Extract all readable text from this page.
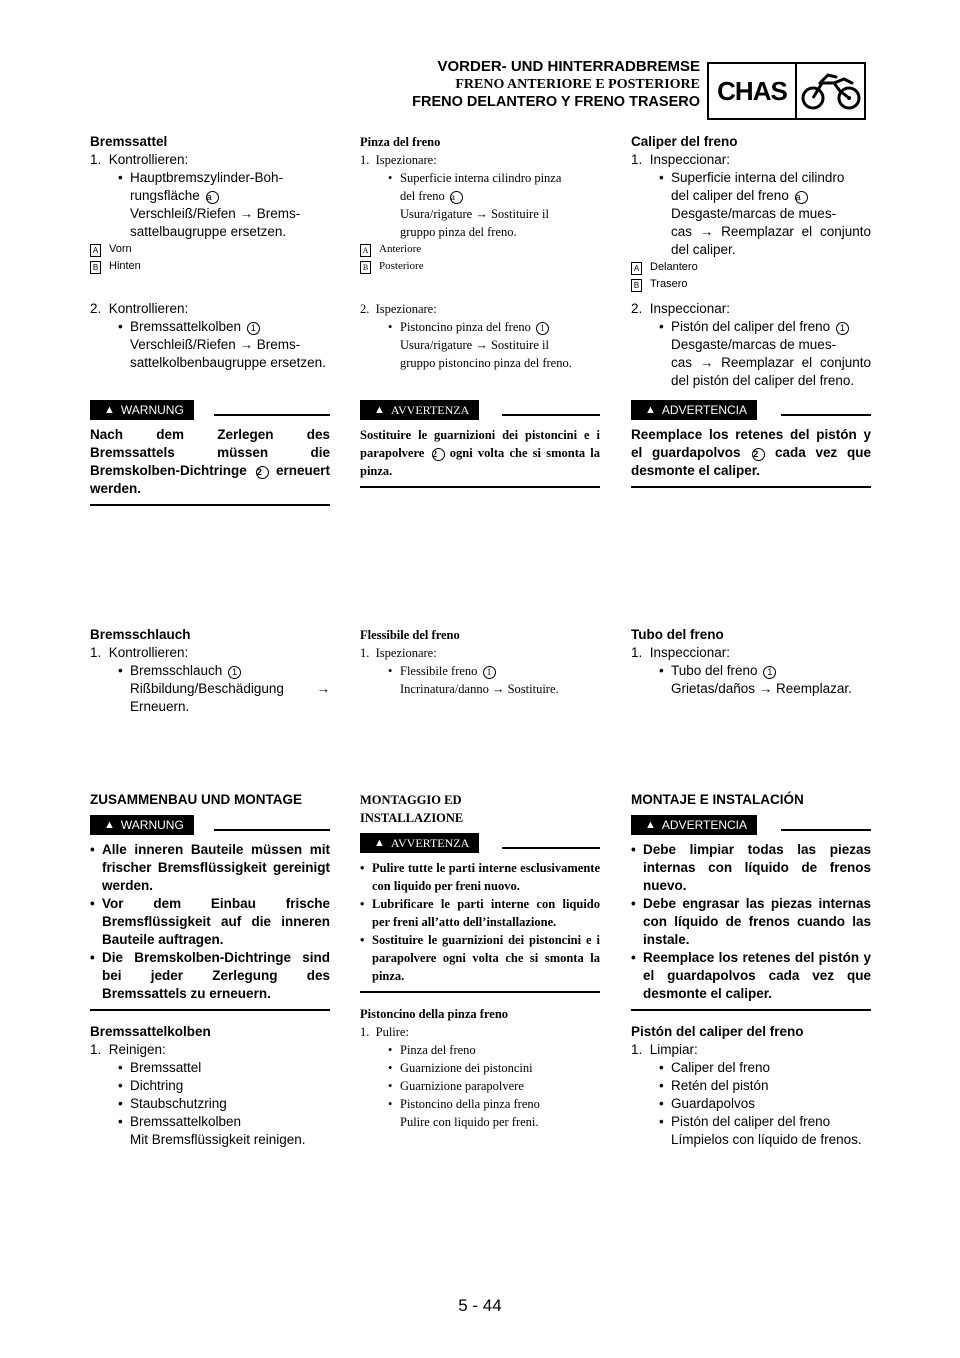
VORDER- UND HINTERRADBREMSE
FRENO ANTERIORE E POSTERIORE
FRENO DELANTERO Y FRENO TRASERO CHAS
Bremssattel
1.  Kontrollieren:
• Hauptbremszylinder-Boh-
rungsfläche a
Verschleiß/Riefen → Brems-
sattelbaugruppe ersetzen.
A Vorn
B Hinten
2.  Kontrollieren:
• Bremssattelkolben 1
Verschleiß/Riefen → Brems-
sattelkolbenbaugruppe ersetzen.
▲ WARNUNG
Nach dem Zerlegen des Bremssattels müssen die Bremskolben-Dichtringe 2 erneuert werden.
Bremsschlauch
1.  Kontrollieren:
• Bremsschlauch 1
Rißbildung/Beschädigung → Erneuern.
ZUSAMMENBAU UND MONTAGE
▲ WARNUNG
• Alle inneren Bauteile müssen mit frischer Bremsflüssigkeit gereinigt werden.
• Vor dem Einbau frische Bremsflüssigkeit auf die inneren Bauteile auftragen.
• Die Bremskolben-Dichtringe sind bei jeder Zerlegung des Bremssattels zu erneuern.
Bremssattelkolben
1.  Reinigen:
• Bremssattel
• Dichtring
• Staubschutzring
• Bremssattelkolben
Mit Bremsflüssigkeit reinigen.
Pinza del freno
1.  Ispezionare:
• Superficie interna cilindro pinza
del freno a
Usura/rigature → Sostituire il
gruppo pinza del freno.
A Anteriore
B Posteriore
2.  Ispezionare:
• Pistoncino pinza del freno 1
Usura/rigature → Sostituire il
gruppo pistoncino pinza del freno.
▲ AVVERTENZA
Sostituire le guarnizioni dei pistoncini e i parapolvere 2 ogni volta che si smonta la pinza.
Flessibile del freno
1.  Ispezionare:
• Flessibile freno 1
Incrinatura/danno → Sostituire.
MONTAGGIO ED
INSTALLAZIONE
▲ AVVERTENZA
• Pulire tutte le parti interne esclusivamente con liquido per freni nuovo.
• Lubrificare le parti interne con liquido per freni all’atto dell’installazione.
• Sostituire le guarnizioni dei pistoncini e i parapolvere ogni volta che si smonta la pinza.
Pistoncino della pinza freno
1.  Pulire:
• Pinza del freno
• Guarnizione dei pistoncini
• Guarnizione parapolvere
• Pistoncino della pinza freno
Pulire con liquido per freni.
Caliper del freno
1.  Inspeccionar:
• Superficie interna del cilindro
del caliper del freno a
Desgaste/marcas de mues-
cas → Reemplazar el conjunto del caliper.
A Delantero
B Trasero
2.  Inspeccionar:
• Pistón del caliper del freno 1
Desgaste/marcas de mues-
cas → Reemplazar el conjunto del pistón del caliper del freno.
▲ ADVERTENCIA
Reemplace los retenes del pistón y el guardapolvos 2 cada vez que desmonte el caliper.
Tubo del freno
1.  Inspeccionar:
• Tubo del freno 1
Grietas/daños → Reemplazar.
MONTAJE E INSTALACIÓN
▲ ADVERTENCIA
• Debe limpiar todas las piezas internas con líquido de frenos nuevo.
• Debe engrasar las piezas internas con líquido de frenos cuando las instale.
• Reemplace los retenes del pistón y el guardapolvos cada vez que desmonte el caliper.
Pistón del caliper del freno
1.  Limpiar:
• Caliper del freno
• Retén del pistón
• Guardapolvos
• Pistón del caliper del freno
Límpielos con líquido de frenos.
5 - 44
